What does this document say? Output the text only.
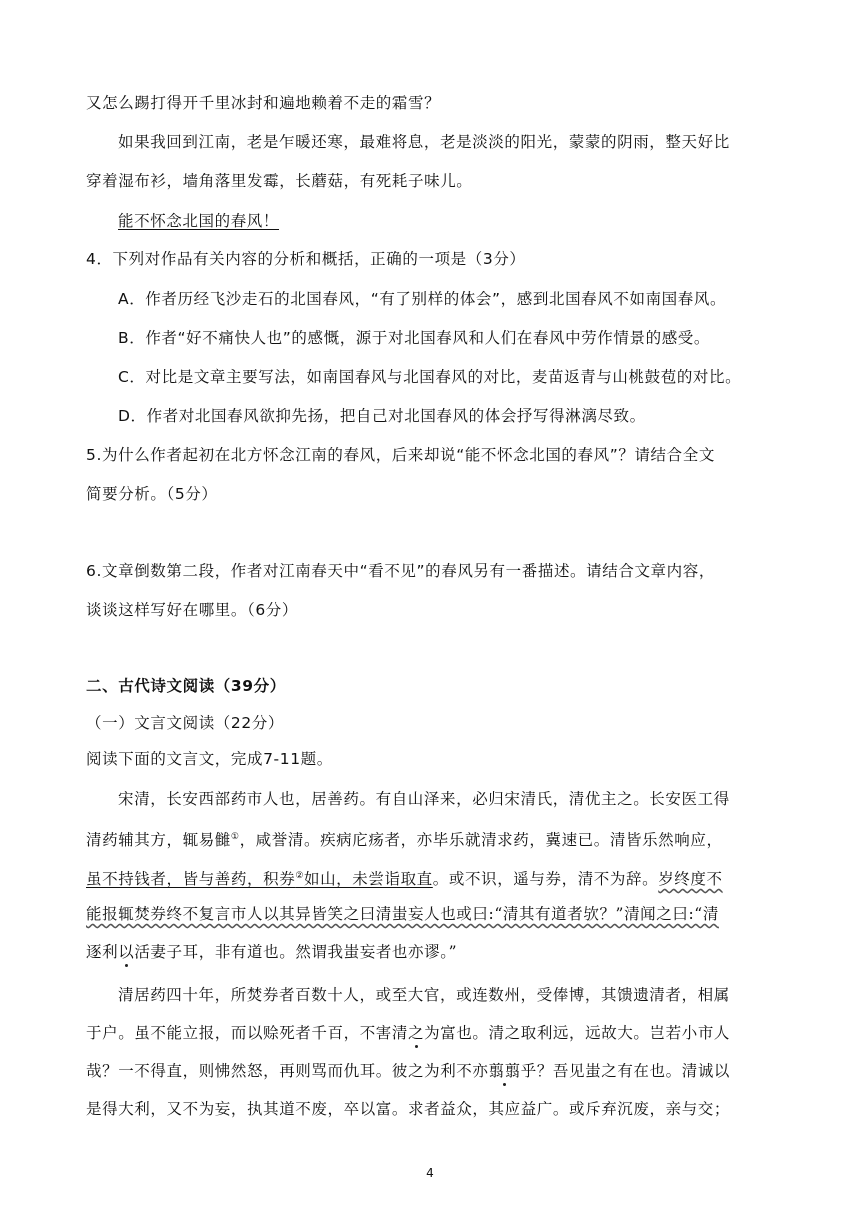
又怎么踢打得开千里冰封和遍地赖着不走的霜雪？
如果我回到江南，老是乍暖还寒，最难将息，老是淡淡的阳光，蒙蒙的阴雨，整天好比
穿着湿布衫，墙角落里发霉，长蘑菇，有死耗子味儿。
能不怀念北国的春风！
4．下列对作品有关内容的分析和概括，正确的一项是（3分）
A．作者历经飞沙走石的北国春风，“有了别样的体会”，感到北国春风不如南国春风。
B．作者“好不痛快人也”的感慨，源于对北国春风和人们在春风中劳作情景的感受。
C．对比是文章主要写法，如南国春风与北国春风的对比，麦苗返青与山桃鼓苞的对比。
D．作者对北国春风欲抑先扬，把自己对北国春风的体会抒写得淋漓尽致。
5.为什么作者起初在北方怀念江南的春风，后来却说“能不怀念北国的春风”？请结合全文
简要分析。（5分）
6.文章倒数第二段，作者对江南春天中“看不见”的春风另有一番描述。请结合文章内容，
谈谈这样写好在哪里。（6分）
二、古代诗文阅读（39分）
（一）文言文阅读（22分）
阅读下面的文言文，完成7-11题。
宋清，长安西部药市人也，居善药。有自山泽来，必归宋清氏，清优主之。长安医工得
清药辅其方，辄易雠①，咸誉清。疾病庀疡者，亦毕乐就清求药，冀速已。清皆乐然响应，
虽不持钱者，皆与善药，积券②如山，未尝诣取直。或不识，遥与券，清不为辞。岁终度不
能报辄焚券终不复言市人以其异皆笑之曰清蚩妄人也或曰:“清其有道者欤？”清闻之曰:“清
逐利以活妻子耳，非有道也。然谓我蚩妄者也亦谬。”
清居药四十年，所焚券者百数十人，或至大官，或连数州，受俸博，其馈遗清者，相属
于户。虽不能立报，而以赊死者千百，不害清之为富也。清之取利远，远故大。岂若小市人
哉？一不得直，则怫然怒，再则骂而仇耳。彼之为利不亦翦翦乎？吾见蚩之有在也。清诚以
是得大利，又不为妄，执其道不废，卒以富。求者益众，其应益广。或斥弃沉废，亲与交；
4
